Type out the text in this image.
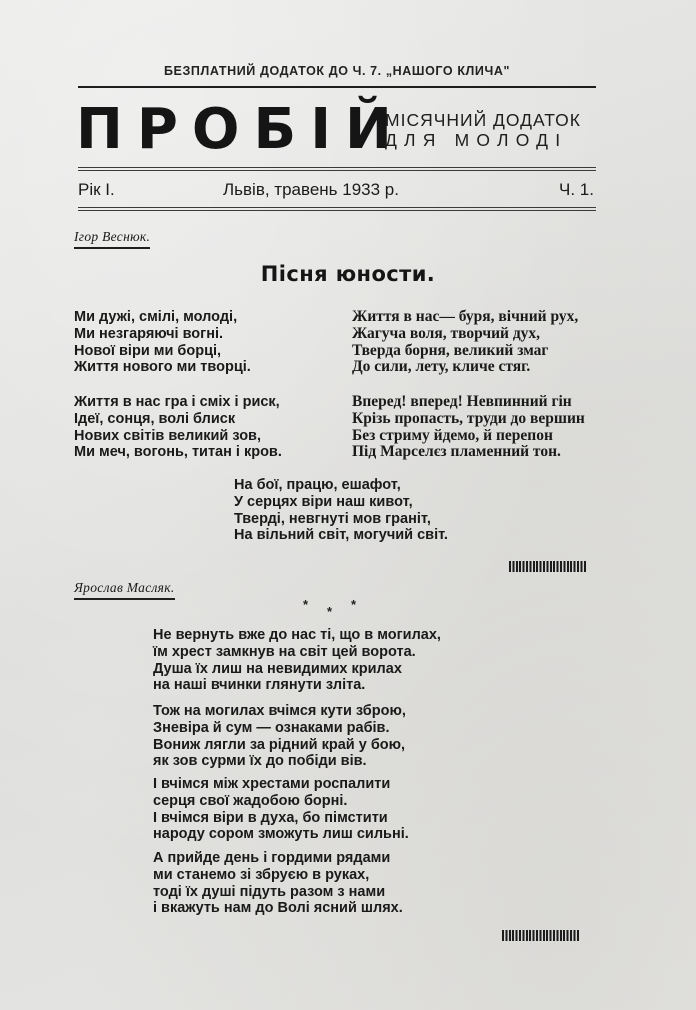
БЕЗПЛАТНИЙ ДОДАТОК ДО Ч. 7. „НАШОГО КЛИЧА"
ПРОБІЙ
МІСЯЧНИЙ ДОДАТОК
ДЛЯ МОЛОДІ
Рік І.	Львів, травень 1933 р.	Ч. 1.
Ігор Веснюк.
Пісня юности.
Ми дужі, смілі, молоді,
Ми незгаряючі вогні.
Нової віри ми борці,
Життя нового ми творці.
Життя в нас— буря, вічний рух,
Жагуча воля, творчий дух,
Тверда борня, великий змаг
До сили, лету, кличе стяг.
Життя в нас гра і сміх і риск,
Ідеї, сонця, волі блиск
Нових світів великий зов,
Ми меч, вогонь, титан і кров.
Вперед! вперед! Невпинний гін
Крізь пропасть, труди до вершин
Без стриму йдемо, й перепон
Під Марселєз пламенний тон.
На бої, працю, ешафот,
У серцях віри наш кивот,
Тверді, невгнуті мов граніт,
На вільний світ, могучий світ.
Ярослав Масляк.
* * *
Не вернуть вже до нас ті, що в могилах,
їм хрест замкнув на світ цей ворота.
Душа їх лиш на невидимих крилах
на наші вчинки глянути зліта.
Тож на могилах вчімся кути зброю,
Зневіра й сум — ознаками рабів.
Вониж лягли за рідний край у бою,
як зов сурми їх до побіди вів.
І вчімся між хрестами роспалити
серця свої жадобою борні.
І вчімся віри в духа, бо пімстити
народу сором зможуть лиш сильні.
А прийде день і гордими рядами
ми станемо зі збруєю в руках,
тоді їх душі підуть разом з нами
і вкажуть нам до Волі ясний шлях.
